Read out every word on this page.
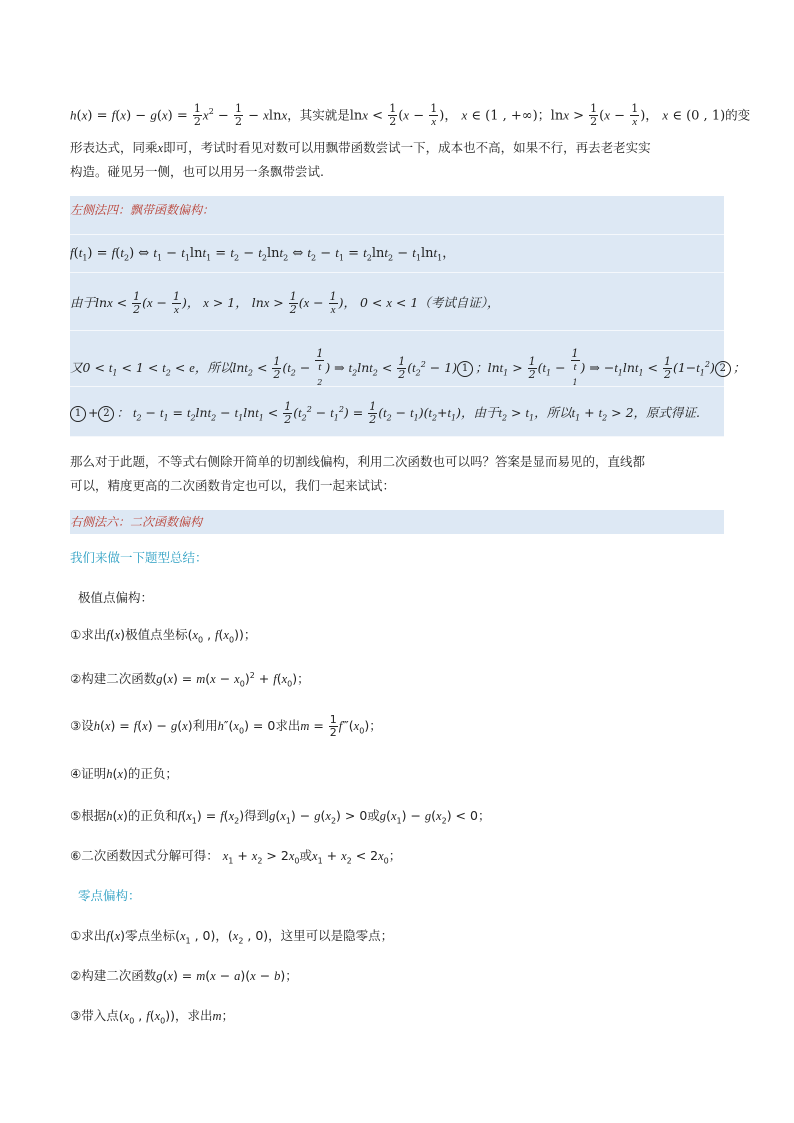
$h(x) = f(x) - g(x) = \frac{1}{2} x^2 - \frac{1}{2} - xlnx$，其实就是$\ln x < \frac{1}{2} (x - \frac{1}{x}$ )， x ∈ (1 , +∞)；$\ln x > \frac{1}{2} (x - \frac{1}{x}$ )， x ∈ (0 , 1)的变
形表达式，同乘x即可，考试时看见对数可以用飘带函数尝试一下，成本也不高，如果不行，再去老老实实
构造。碰见另一侧，也可以用另一条飘带尝试.
左侧法四：飘带函数偏构：
$f(t_1) = f(t_2)$ ⇔ $t_1 - t_1\ln t_1 = t_2 - t_2\ln t_2$ ⇔ $t_2 - t_1 = t_2\ln t_2 - t_1\ln t_1$，
由于$\ln x < \frac{1}{2} (x - \frac{1}{x}$ )， x > 1， $\ln x > \frac{1}{2} (x - \frac{1}{x}$ )， 0 < x < 1（考试自证），
又$0 < t_1 < 1 < t_2 < e$，所以$\ln t_2 < \frac{1}{2} (t_2 - 1$
t
$_2$ ) ⇒ $t_2\ln t_2 < \frac{1}{2} (t_2^2 - 1)$ 1 ；$\ln t_1 > \frac{1}{2} (t_1 - 1$
t
$_1$ ) ⇒ $-t_1\ln t_1 < \frac{1}{2} (1-t_1^2)$ 2 ；
1 + 2 ： $t_2 - t_1 = t_2\ln t_2 - t_1\ln t_1 < \frac{1}{2} (t_2^2 - t_1^2) = \frac{1}{2} (t_2 - t_1)(t_2+t_1)$，由于$t_2 > t_1$，所以$t_1 + t_2 > 2$，原式得证.
那么对于此题，不等式右侧除开简单的切割线偏构，利用二次函数也可以吗？答案是显而易见的，直线都
可以，精度更高的二次函数肯定也可以，我们一起来试试：
右侧法六：二次函数偏构
我们来做一下题型总结：
极值点偏构：
①求出f(x)极值点坐标($x_0$ , $f(x_0)$)；
②构建二次函数$g(x) = m(x - x_0)^2 + f(x_0)$；
③设h(x) = f(x) − g(x)利用$h''(x_0) = 0$求出$m = \frac{1}{2}$ $f‴(x_0)$；
④证明h(x)的正负；
⑤根据h(x)的正负和$f(x_1) = f(x_2)$得到$g(x_1) - g(x_2) > 0$或$g(x_1) - g(x_2) < 0$；
⑥二次函数因式分解可得： $x_1 + x_2 > 2x_0$或$x_1 + x_2 < 2x_0$；
零点偏构：
①求出f(x)零点坐标($x_1$ , 0)，($x_2$ , 0)，这里可以是隐零点；
②构建二次函数g(x) = m(x − a)(x − b)；
③带入点($x_0$ , $f(x_0)$)，求出m；
